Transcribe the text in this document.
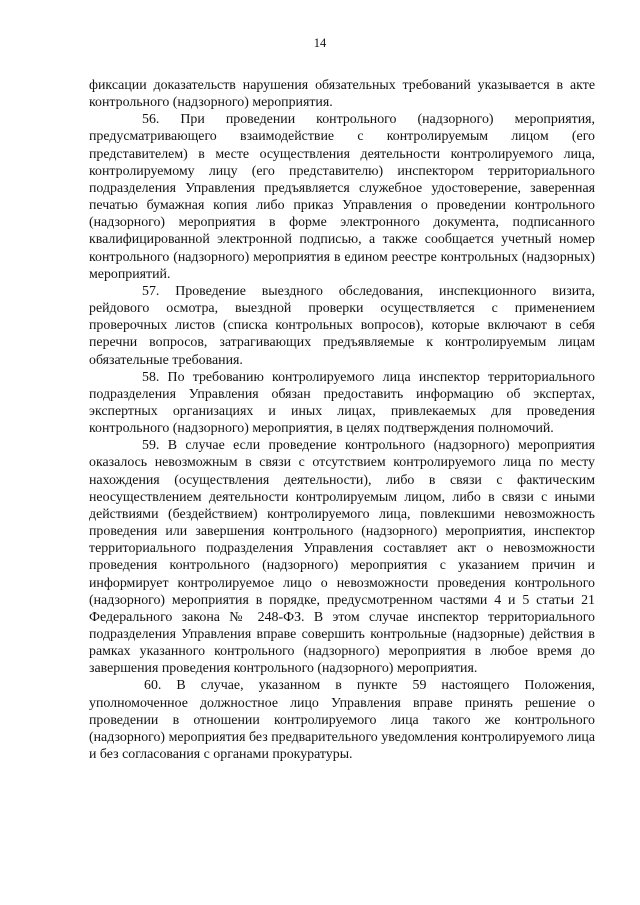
14

фиксации доказательств нарушения обязательных требований указывается в акте контрольного (надзорного) мероприятия.

56. При проведении контрольного (надзорного) мероприятия, предусматривающего взаимодействие с контролируемым лицом (его представителем) в месте осуществления деятельности контролируемого лица, контролируемому лицу (его представителю) инспектором территориального подразделения Управления предъявляется служебное удостоверение, заверенная печатью бумажная копия либо приказ Управления о проведении контрольного (надзорного) мероприятия в форме электронного документа, подписанного квалифицированной электронной подписью, а также сообщается учетный номер контрольного (надзорного) мероприятия в едином реестре контрольных (надзорных) мероприятий.

57. Проведение выездного обследования, инспекционного визита, рейдового осмотра, выездной проверки осуществляется с применением проверочных листов (списка контрольных вопросов), которые включают в себя перечни вопросов, затрагивающих предъявляемые к контролируемым лицам обязательные требования.

58. По требованию контролируемого лица инспектор территориального подразделения Управления обязан предоставить информацию об экспертах, экспертных организациях и иных лицах, привлекаемых для проведения контрольного (надзорного) мероприятия, в целях подтверждения полномочий.

59. В случае если проведение контрольного (надзорного) мероприятия оказалось невозможным в связи с отсутствием контролируемого лица по месту нахождения (осуществления деятельности), либо в связи с фактическим неосуществлением деятельности контролируемым лицом, либо в связи с иными действиями (бездействием) контролируемого лица, повлекшими невозможность проведения или завершения контрольного (надзорного) мероприятия, инспектор территориального подразделения Управления составляет акт о невозможности проведения контрольного (надзорного) мероприятия с указанием причин и информирует контролируемое лицо о невозможности проведения контрольного (надзорного) мероприятия в порядке, предусмотренном частями 4 и 5 статьи 21 Федерального закона № 248-ФЗ. В этом случае инспектор территориального подразделения Управления вправе совершить контрольные (надзорные) действия в рамках указанного контрольного (надзорного) мероприятия в любое время до завершения проведения контрольного (надзорного) мероприятия.

60. В случае, указанном в пункте 59 настоящего Положения, уполномоченное должностное лицо Управления вправе принять решение о проведении в отношении контролируемого лица такого же контрольного (надзорного) мероприятия без предварительного уведомления контролируемого лица и без согласования с органами прокуратуры.
